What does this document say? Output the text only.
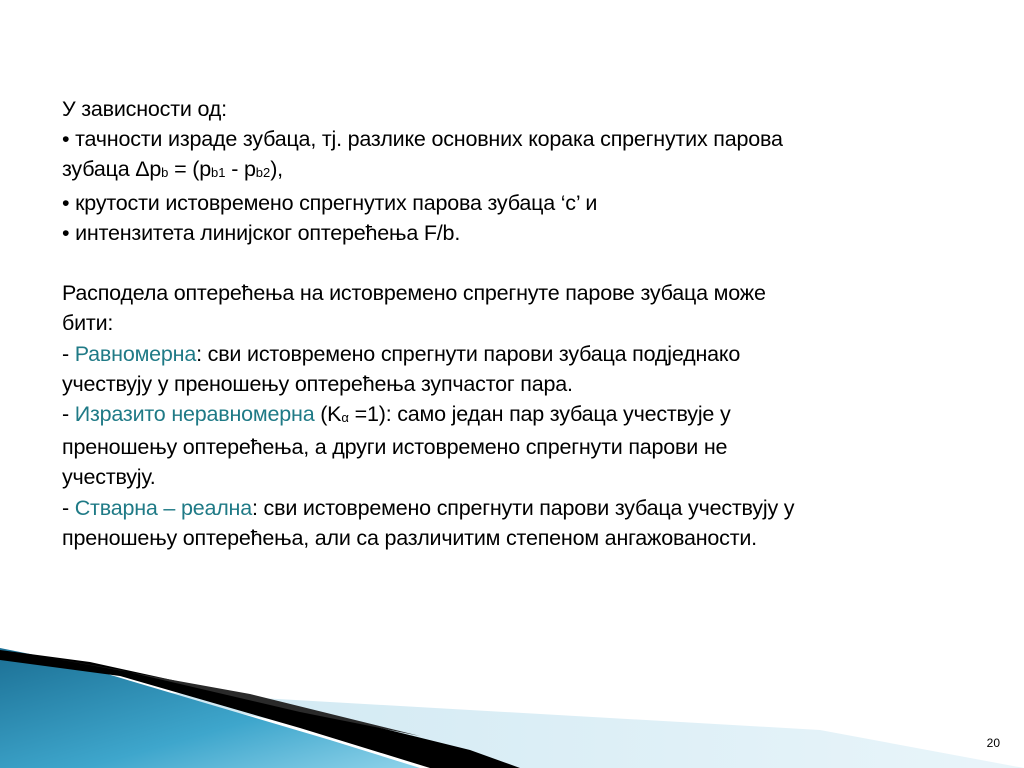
У зависности од:
• тачности израде зубаца, тј. разлике основних корака спрегнутих парова
зубаца $\Delta p_b = (p_{b1} - p_{b2})$,
• крутости истовремено спрегнутих парова зубаца ‘c’ и
• интензитета линијског оптерећења F/b.
Расподела оптерећења на истовремено спрегнуте парове зубаца може
бити:
- Равномерна: сви истовремено спрегнути парови зубаца подједнако
учествују у преношењу оптерећења зупчастог пара.
- Изразито неравномерна $(K_\alpha =1)$: само један пар зубаца учествује у
преношењу оптерећења, а други истовремено спрегнути парови не
учествују.
- Стварна – реална: сви истовремено спрегнути парови зубаца учествују у
преношењу оптерећења, али са различитим степеном ангажованости.
20
